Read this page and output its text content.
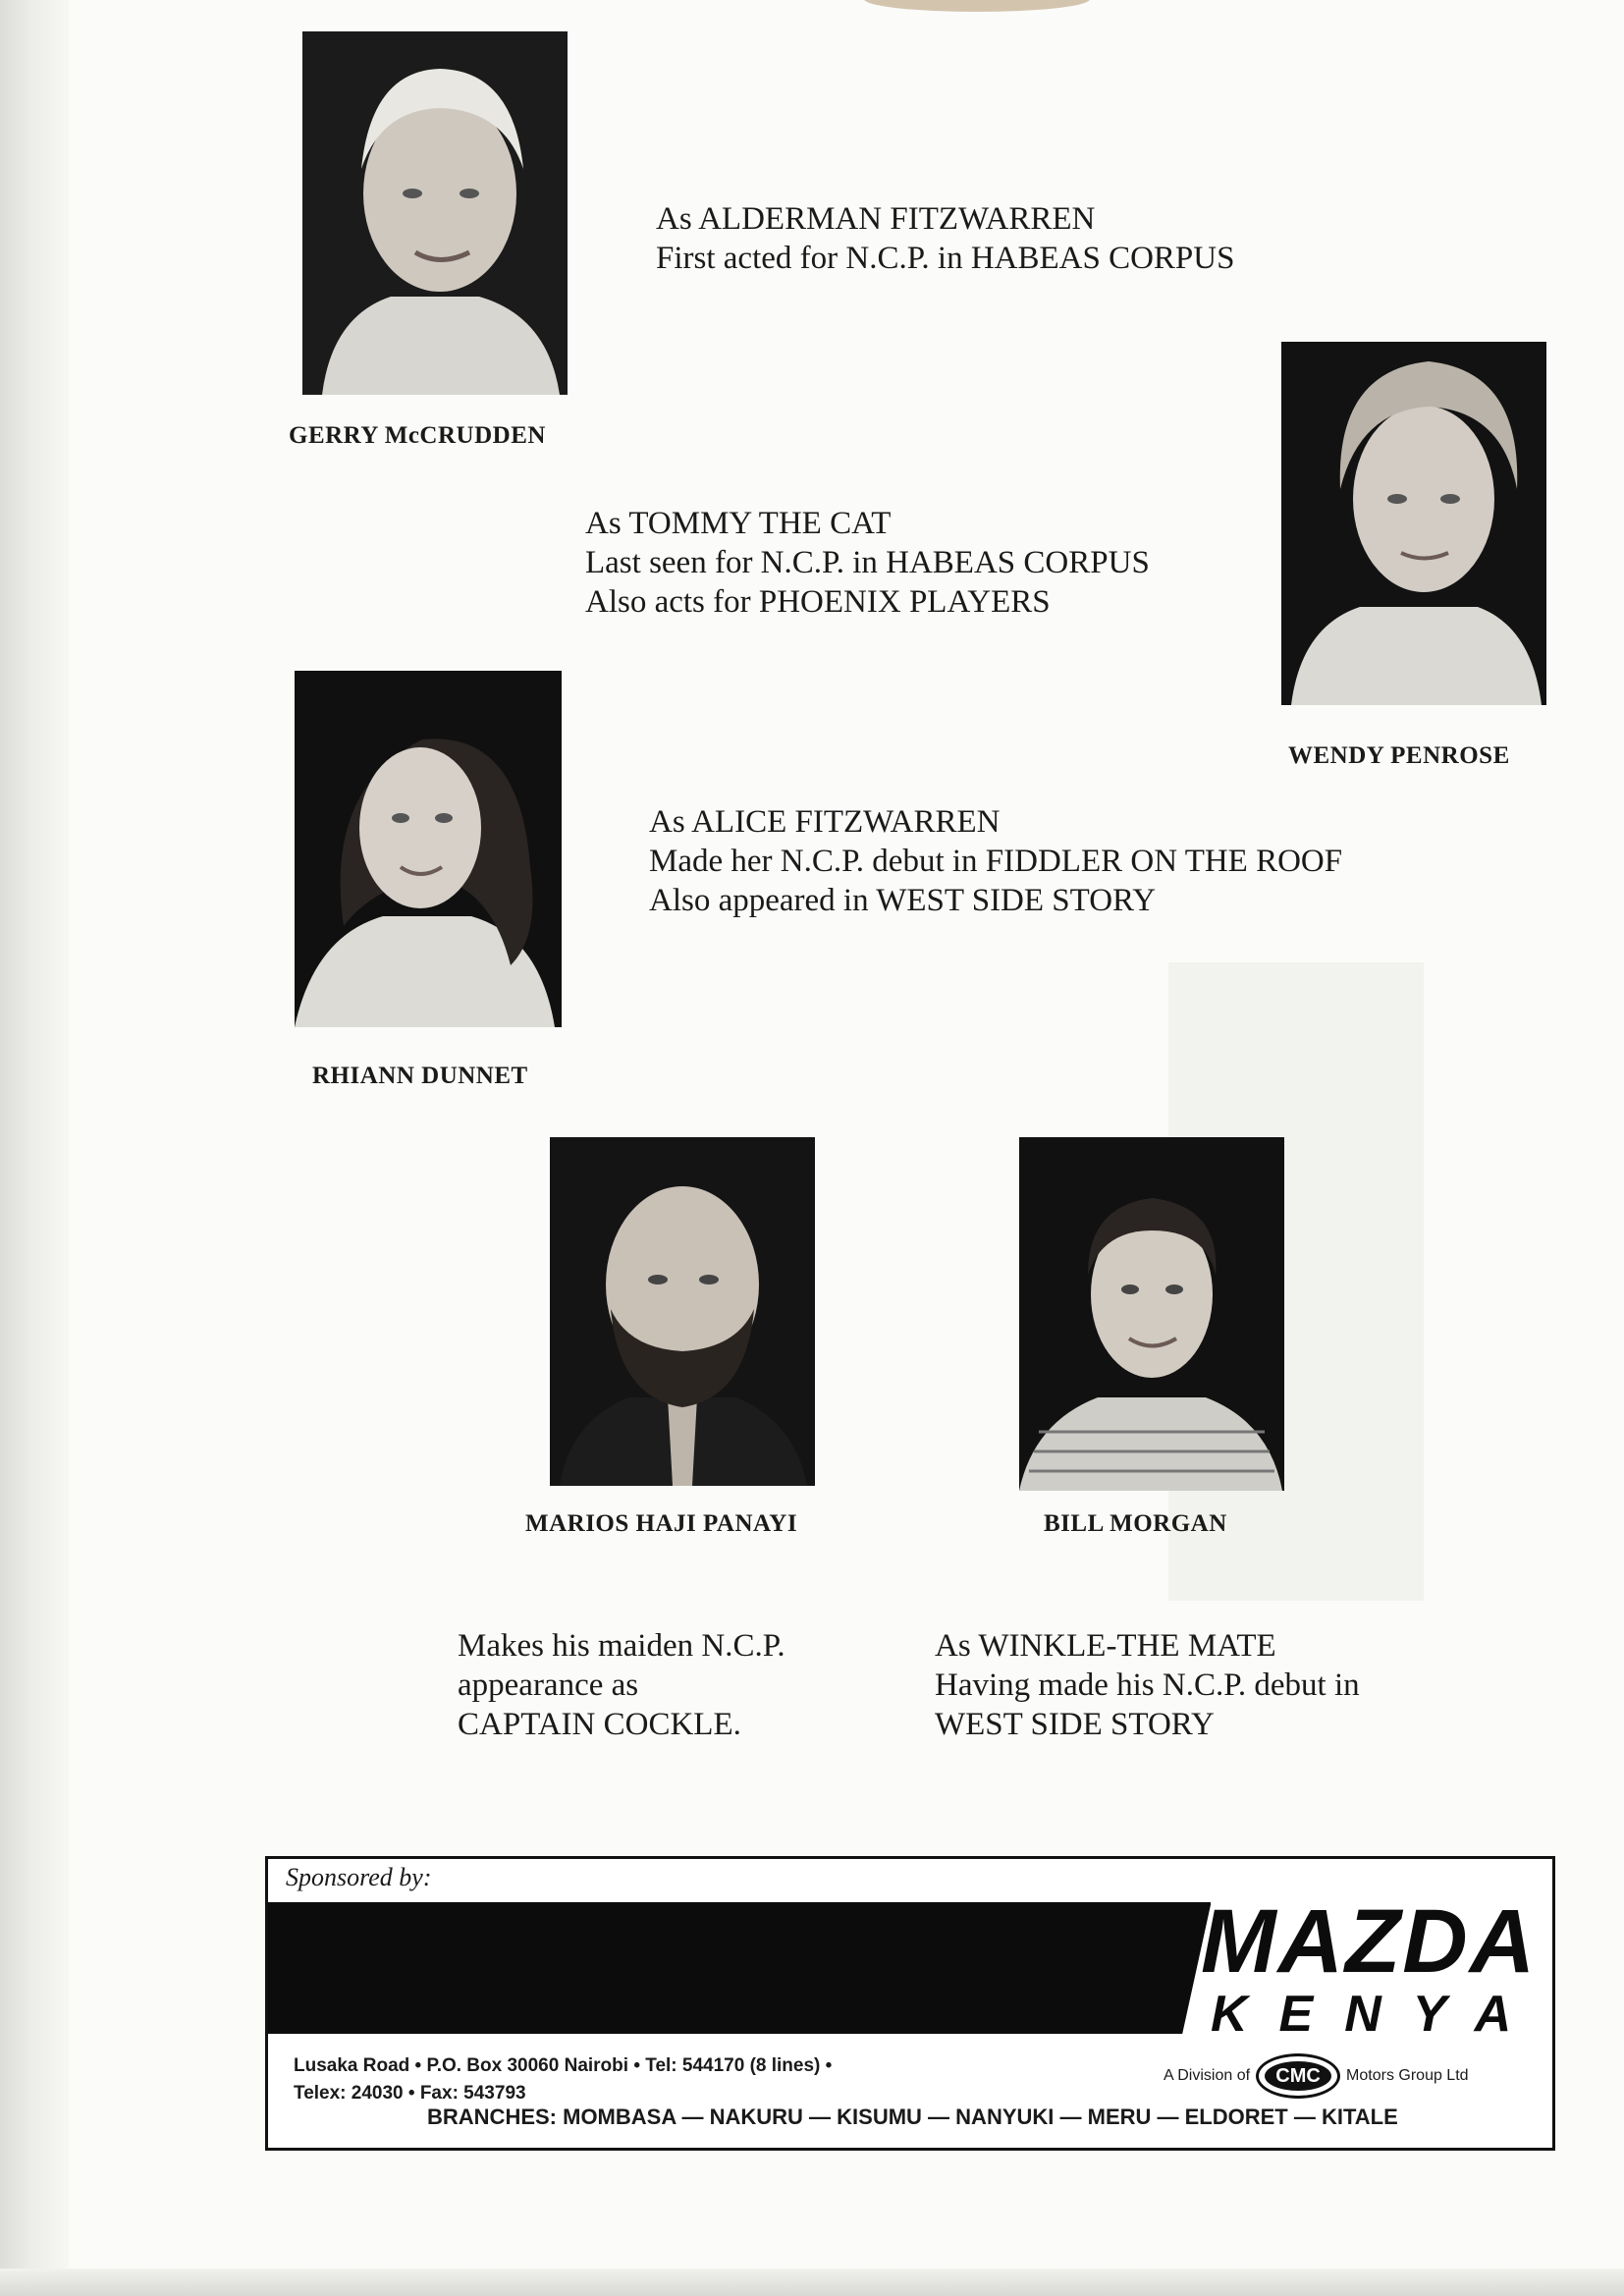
As ALDERMAN FITZWARREN
First acted for N.C.P. in HABEAS CORPUS
GERRY McCRUDDEN
As TOMMY THE CAT
Last seen for N.C.P. in HABEAS CORPUS
Also acts for PHOENIX PLAYERS
WENDY PENROSE
As ALICE FITZWARREN
Made her N.C.P. debut in FIDDLER ON THE ROOF
Also appeared in WEST SIDE STORY
RHIANN DUNNET
MARIOS HAJI PANAYI
Makes his maiden N.C.P.
appearance as
CAPTAIN COCKLE.
BILL MORGAN
As WINKLE-THE MATE
Having made his N.C.P. debut in
WEST SIDE STORY
Sponsored by:
MAZDA
KENYA
Lusaka Road • P.O. Box 30060 Nairobi • Tel: 544170 (8 lines) •
Telex: 24030 • Fax: 543793
A Division of	CMC	Motors Group Ltd
BRANCHES: MOMBASA — NAKURU — KISUMU — NANYUKI — MERU — ELDORET — KITALE
